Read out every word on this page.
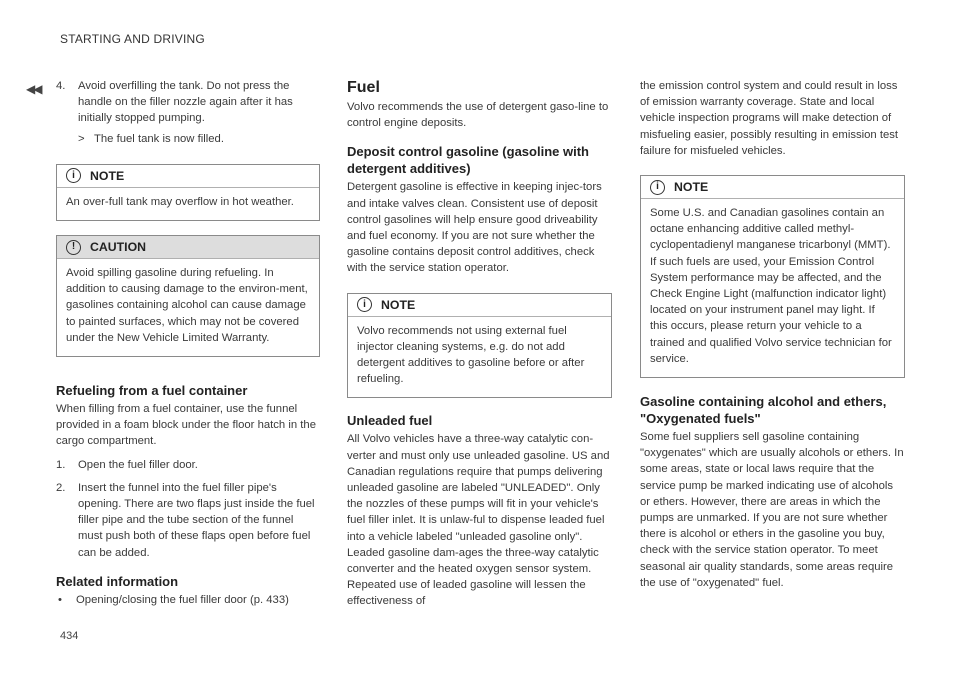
STARTING AND DRIVING
◀◀
434
4. Avoid overfilling the tank. Do not press the handle on the filler nozzle again after it has initially stopped pumping.

> The fuel tank is now filled.

i	NOTE
An over-full tank may overflow in hot weather.
!	CAUTION
Avoid spilling gasoline during refueling. In addition to causing damage to the environ-ment, gasolines containing alcohol can cause damage to painted surfaces, which may not be covered under the New Vehicle Limited Warranty.
Refueling from a fuel container

When filling from a fuel container, use the funnel provided in a foam block under the floor hatch in the cargo compartment.

1. Open the fuel filler door.

2. Insert the funnel into the fuel filler pipe's opening. There are two flaps just inside the fuel filler pipe and the tube section of the funnel must push both of these flaps open before fuel can be added.

Related information
• Opening/closing the fuel filler door (p. 433)

Fuel

Volvo recommends the use of detergent gaso-line to control engine deposits.

Deposit control gasoline (gasoline with detergent additives)

Detergent gasoline is effective in keeping injec-tors and intake valves clean. Consistent use of deposit control gasolines will help ensure good driveability and fuel economy. If you are not sure whether the gasoline contains deposit control additives, check with the service station operator.

i	NOTE
Volvo recommends not using external fuel injector cleaning systems, e.g. do not add detergent additives to gasoline before or after refueling.
Unleaded fuel

All Volvo vehicles have a three-way catalytic con-verter and must only use unleaded gasoline. US and Canadian regulations require that pumps delivering unleaded gasoline are labeled "UNLEADED". Only the nozzles of these pumps will fit in your vehicle's fuel filler inlet. It is unlaw-ful to dispense leaded fuel into a vehicle labeled "unleaded gasoline only". Leaded gasoline dam-ages the three-way catalytic converter and the heated oxygen sensor system. Repeated use of leaded gasoline will lessen the effectiveness of

the emission control system and could result in loss of emission warranty coverage. State and local vehicle inspection programs will make detection of misfueling easier, possibly resulting in emission test failure for misfueled vehicles.

i	NOTE
Some U.S. and Canadian gasolines contain an octane enhancing additive called methyl-cyclopentadienyl manganese tricarbonyl (MMT). If such fuels are used, your Emission Control System performance may be affected, and the Check Engine Light (malfunction indicator light) located on your instrument panel may light. If this occurs, please return your vehicle to a trained and qualified Volvo service technician for service.
Gasoline containing alcohol and ethers, "Oxygenated fuels"

Some fuel suppliers sell gasoline containing "oxygenates" which are usually alcohols or ethers. In some areas, state or local laws require that the service pump be marked indicating use of alcohols or ethers. However, there are areas in which the pumps are unmarked. If you are not sure whether there is alcohol or ethers in the gasoline you buy, check with the service station operator. To meet seasonal air quality standards, some areas require the use of "oxygenated" fuel.
